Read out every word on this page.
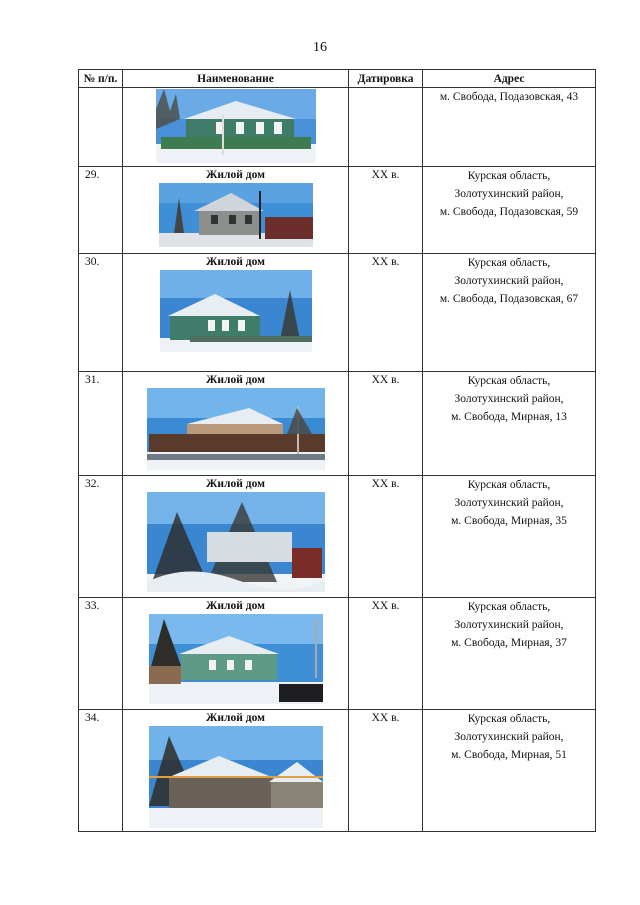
16
№ п/п.	Наименование	Датировка	Адрес

		м. Свобода, Подазовская, 43
29.	Жилой дом	XX в.	Курская область,
Золотухинский район,
м. Свобода, Подазовская, 59
30.	Жилой дом	XX в.	Курская область,
Золотухинский район,
м. Свобода, Подазовская, 67
31.	Жилой дом	XX в.	Курская область,
Золотухинский район,
м. Свобода, Мирная, 13
32.	Жилой дом	XX в.	Курская область,
Золотухинский район,
м. Свобода, Мирная, 35
33.	Жилой дом	XX в.	Курская область,
Золотухинский район,
м. Свобода, Мирная, 37
34.	Жилой дом	XX в.	Курская область,
Золотухинский район,
м. Свобода, Мирная, 51
